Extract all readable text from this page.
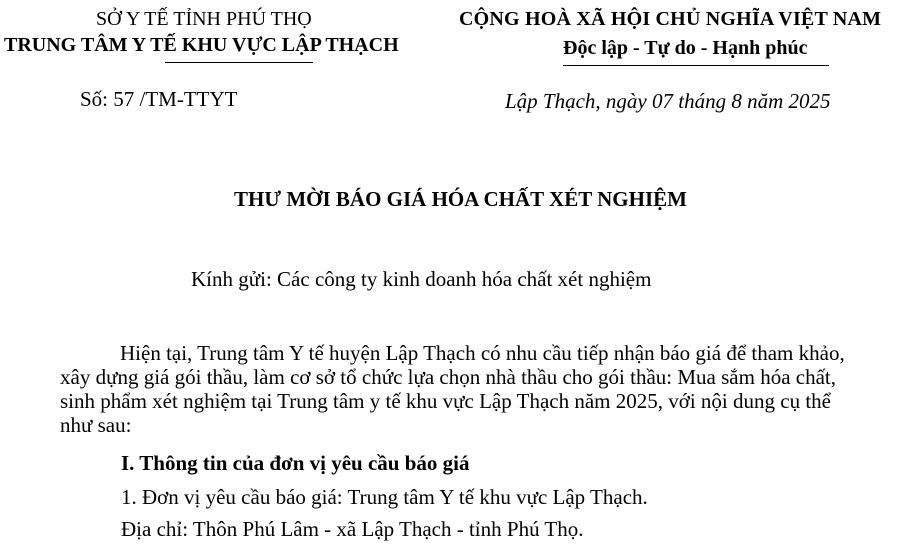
SỞ Y TẾ TỈNH PHÚ THỌ
TRUNG TÂM Y TẾ KHU VỰC LẬP THẠCH
CỘNG HOÀ XÃ HỘI CHỦ NGHĨA VIỆT NAM
Độc lập - Tự do - Hạnh phúc
Số: 57 /TM-TTYT	Lập Thạch, ngày 07 tháng 8 năm 2025
THƯ MỜI BÁO GIÁ HÓA CHẤT XÉT NGHIỆM
Kính gửi: Các công ty kinh doanh hóa chất xét nghiệm

Hiện tại, Trung tâm Y tế huyện Lập Thạch có nhu cầu tiếp nhận báo giá để tham khảo, xây dựng giá gói thầu, làm cơ sở tổ chức lựa chọn nhà thầu cho gói thầu: Mua sắm hóa chất, sinh phẩm xét nghiệm tại Trung tâm y tế khu vực Lập Thạch năm 2025, với nội dung cụ thể như sau:

I. Thông tin của đơn vị yêu cầu báo giá
1. Đơn vị yêu cầu báo giá: Trung tâm Y tế khu vực Lập Thạch.
Địa chỉ: Thôn Phú Lâm - xã Lập Thạch - tỉnh Phú Thọ.
